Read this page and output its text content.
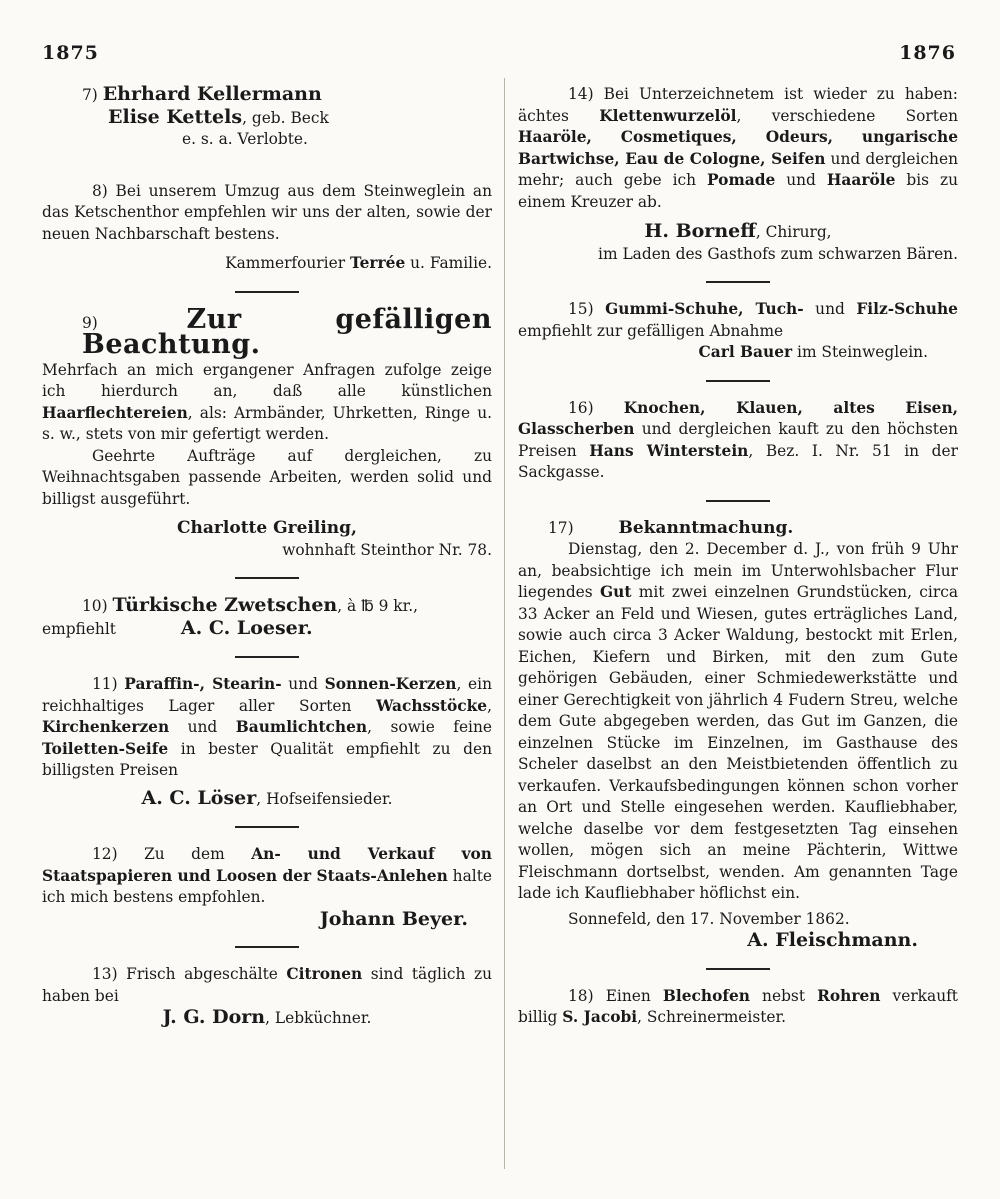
1875	1876

7) Ehrhard Kellermann

Elise Kettels, geb. Beck

e. s. a. Verlobte.

8) Bei unserem Umzug aus dem Steinweglein an das Ketschenthor empfehlen wir uns der alten, sowie der neuen Nachbarschaft bestens.

Kammerfourier Terrée u. Familie.

9)	Zur gefälligen Beachtung.

Mehrfach an mich ergangener Anfragen zufolge zeige ich hierdurch an, daß alle künstlichen Haarflechtereien, als: Armbänder, Uhrketten, Ringe u. s. w., stets von mir gefertigt werden.

Geehrte Aufträge auf dergleichen, zu Weihnachtsgaben passende Arbeiten, werden solid und billigst ausgeführt.

Charlotte Greiling,

wohnhaft Steinthor Nr. 78.

10) Türkische Zwetschen, à ℔ 9 kr.,

empfiehlt	A. C. Loeser.

11) Paraffin-, Stearin- und Sonnen-Kerzen, ein reichhaltiges Lager aller Sorten Wachsstöcke, Kirchenkerzen und Baumlichtchen, sowie feine Toiletten-Seife in bester Qualität empfiehlt zu den billigsten Preisen

A. C. Löser, Hofseifensieder.

12) Zu dem An- und Verkauf von Staatspapieren und Loosen der Staats-Anlehen halte ich mich bestens empfohlen.

Johann Beyer.

13) Frisch abgeschälte Citronen sind täglich zu haben bei

J. G. Dorn, Lebküchner.

14) Bei Unterzeichnetem ist wieder zu haben: ächtes Klettenwurzelöl, verschiedene Sorten Haaröle, Cosmetiques, Odeurs, ungarische Bartwichse, Eau de Cologne, Seifen und dergleichen mehr; auch gebe ich Pomade und Haaröle bis zu einem Kreuzer ab.

H. Borneff, Chirurg,

im Laden des Gasthofs zum schwarzen Bären.

15) Gummi-Schuhe, Tuch- und Filz-Schuhe empfiehlt zur gefälligen Abnahme

Carl Bauer im Steinweglein.

16) Knochen, Klauen, altes Eisen, Glasscherben und dergleichen kauft zu den höchsten Preisen Hans Winterstein, Bez. I. Nr. 51 in der Sackgasse.

17)	Bekanntmachung.

Dienstag, den 2. December d. J., von früh 9 Uhr an, beabsichtige ich mein im Unterwohlsbacher Flur liegendes Gut mit zwei einzelnen Grundstücken, circa 33 Acker an Feld und Wiesen, gutes erträgliches Land, sowie auch circa 3 Acker Waldung, bestockt mit Erlen, Eichen, Kiefern und Birken, mit den zum Gute gehörigen Gebäuden, einer Schmiedewerkstätte und einer Gerechtigkeit von jährlich 4 Fudern Streu, welche dem Gute abgegeben werden, das Gut im Ganzen, die einzelnen Stücke im Einzelnen, im Gasthause des Scheler daselbst an den Meistbietenden öffentlich zu verkaufen. Verkaufsbedingungen können schon vorher an Ort und Stelle eingesehen werden. Kaufliebhaber, welche daselbe vor dem festgesetzten Tag einsehen wollen, mögen sich an meine Pächterin, Wittwe Fleischmann dortselbst, wenden. Am genannten Tage lade ich Kaufliebhaber höflichst ein.

Sonnefeld, den 17. November 1862.

A. Fleischmann.

18) Einen Blechofen nebst Rohren verkauft billig S. Jacobi, Schreinermeister.
